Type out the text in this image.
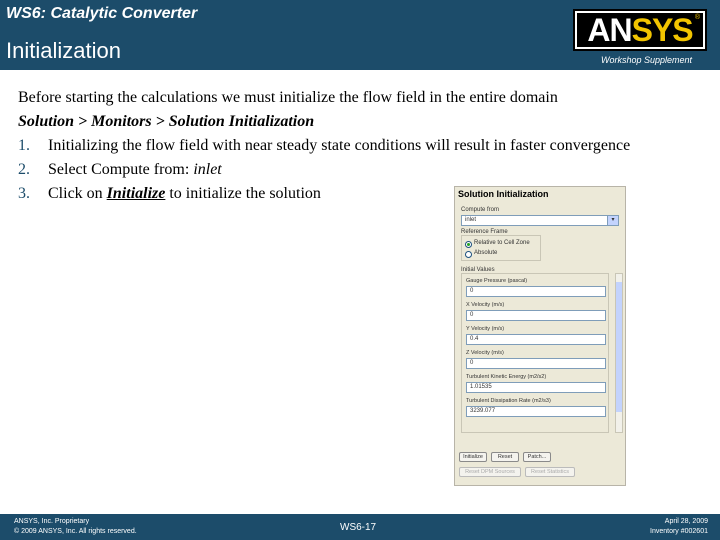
WS6: Catalytic Converter
Initialization
ANSYS ®
Workshop Supplement
Before starting the calculations we must initialize the flow field in the entire domain
Solution > Monitors > Solution Initialization
1. Initializing the flow field with near steady state conditions will result in faster convergence
2. Select Compute from: inlet
3. Click on Initialize to initialize the solution	Solution Initialization
Compute from
inlet	▾
Reference Frame
Relative to Cell Zone
Absolute
Initial Values
Gauge Pressure (pascal)
0
X Velocity (m/s)
0
Y Velocity (m/s)
0.4
Z Velocity (m/s)
0
Turbulent Kinetic Energy (m2/s2)
1.01535
Turbulent Dissipation Rate (m2/s3)
3239.077
Initialize	Reset	Patch...
Reset DPM Sources	Reset Statistics
ANSYS, Inc. Proprietary
© 2009 ANSYS, Inc. All rights reserved.	WS6-17
April 28, 2009
Inventory #002601
